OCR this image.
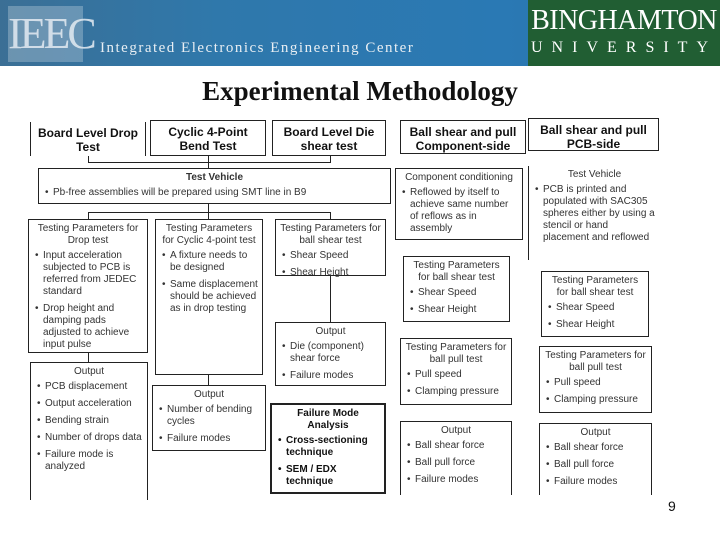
IEEC Integrated Electronics Engineering Center
BINGHAMTON
UNIVERSITY
Experimental Methodology
Board Level Drop Test
Cyclic 4-Point Bend Test
Board Level Die shear test
Ball shear and pull Component-side
Ball shear and pull PCB-side
Test Vehicle
• Pb-free assemblies will be prepared using SMT line in B9
Testing Parameters for Drop test
• Input acceleration subjected to PCB is referred from JEDEC standard
• Drop height and damping pads adjusted to achieve input pulse
Testing Parameters for Cyclic 4-point test
• A fixture needs to be designed
• Same displacement should be achieved as in drop testing
Testing Parameters for ball shear test
• Shear Speed
• Shear Height
Output
• Die (component) shear force
• Failure modes
Output
• PCB displacement
• Output acceleration
• Bending strain
• Number of drops data
• Failure mode is analyzed
Output
• Number of bending cycles
• Failure modes
Failure Mode Analysis
• Cross-sectioning technique
• SEM / EDX technique
Component conditioning
• Reflowed by itself to achieve same number of reflows as in assembly
Test Vehicle
• PCB is printed and populated with SAC305 spheres either by using a stencil or hand placement and reflowed
Testing Parameters for ball shear test
• Shear Speed
• Shear Height
Testing Parameters for ball pull test
• Pull speed
• Clamping pressure
Output
• Ball shear force
• Ball pull force
• Failure modes
Testing Parameters for ball shear test
• Shear Speed
• Shear Height
Testing Parameters for ball pull test
• Pull speed
• Clamping pressure
Output
• Ball shear force
• Ball pull force
• Failure modes
9
